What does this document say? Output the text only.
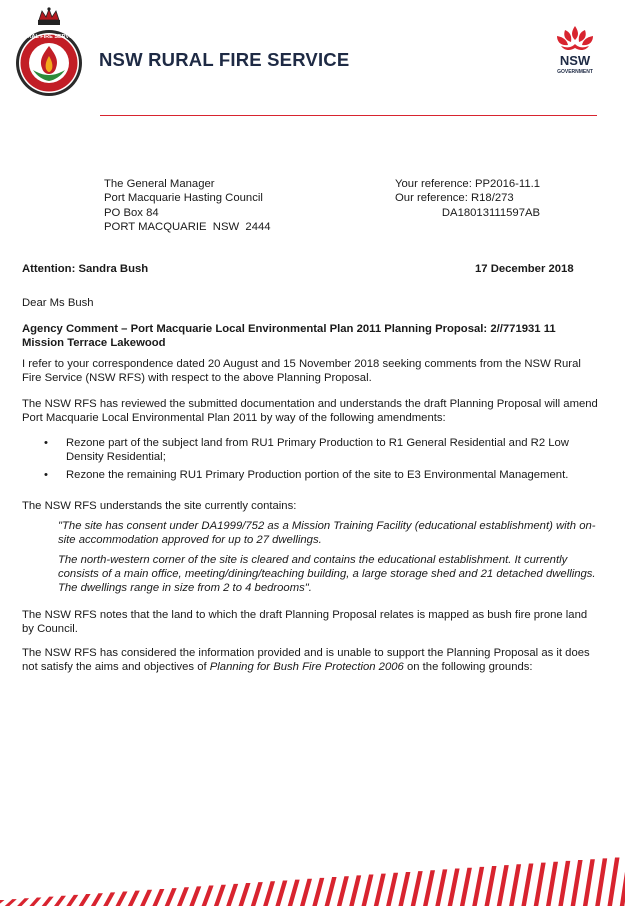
RURAL FIRE SERVICE
NSW RURAL FIRE SERVICE	NSW
GOVERNMENT
The General Manager
Port Macquarie Hasting Council
PO Box 84
PORT MACQUARIE  NSW  2444
Your reference: PP2016-11.1
Our reference: R18/273
DA18013111597AB
Attention: Sandra Bush	17 December 2018
Dear Ms Bush
Agency Comment – Port Macquarie Local Environmental Plan 2011 Planning Proposal: 2//771931 11 Mission Terrace Lakewood
I refer to your correspondence dated 20 August and 15 November 2018 seeking comments from the NSW Rural Fire Service (NSW RFS) with respect to the above Planning Proposal.
The NSW RFS has reviewed the submitted documentation and understands the draft Planning Proposal will amend Port Macquarie Local Environmental Plan 2011 by way of the following amendments:
• Rezone part of the subject land from RU1 Primary Production to R1 General Residential and R2 Low Density Residential;
• Rezone the remaining RU1 Primary Production portion of the site to E3 Environmental Management.
The NSW RFS understands the site currently contains:

"The site has consent under DA1999/752 as a Mission Training Facility (educational establishment) with on-site accommodation approved for up to 27 dwellings.

The north-western corner of the site is cleared and contains the educational establishment. It currently consists of a main office, meeting/dining/teaching building, a large storage shed and 21 detached dwellings. The dwellings range in size from 2 to 4 bedrooms".

The NSW RFS notes that the land to which the draft Planning Proposal relates is mapped as bush fire prone land by Council.
The NSW RFS has considered the information provided and is unable to support the Planning Proposal as it does not satisfy the aims and objectives of Planning for Bush Fire Protection 2006 on the following grounds:
